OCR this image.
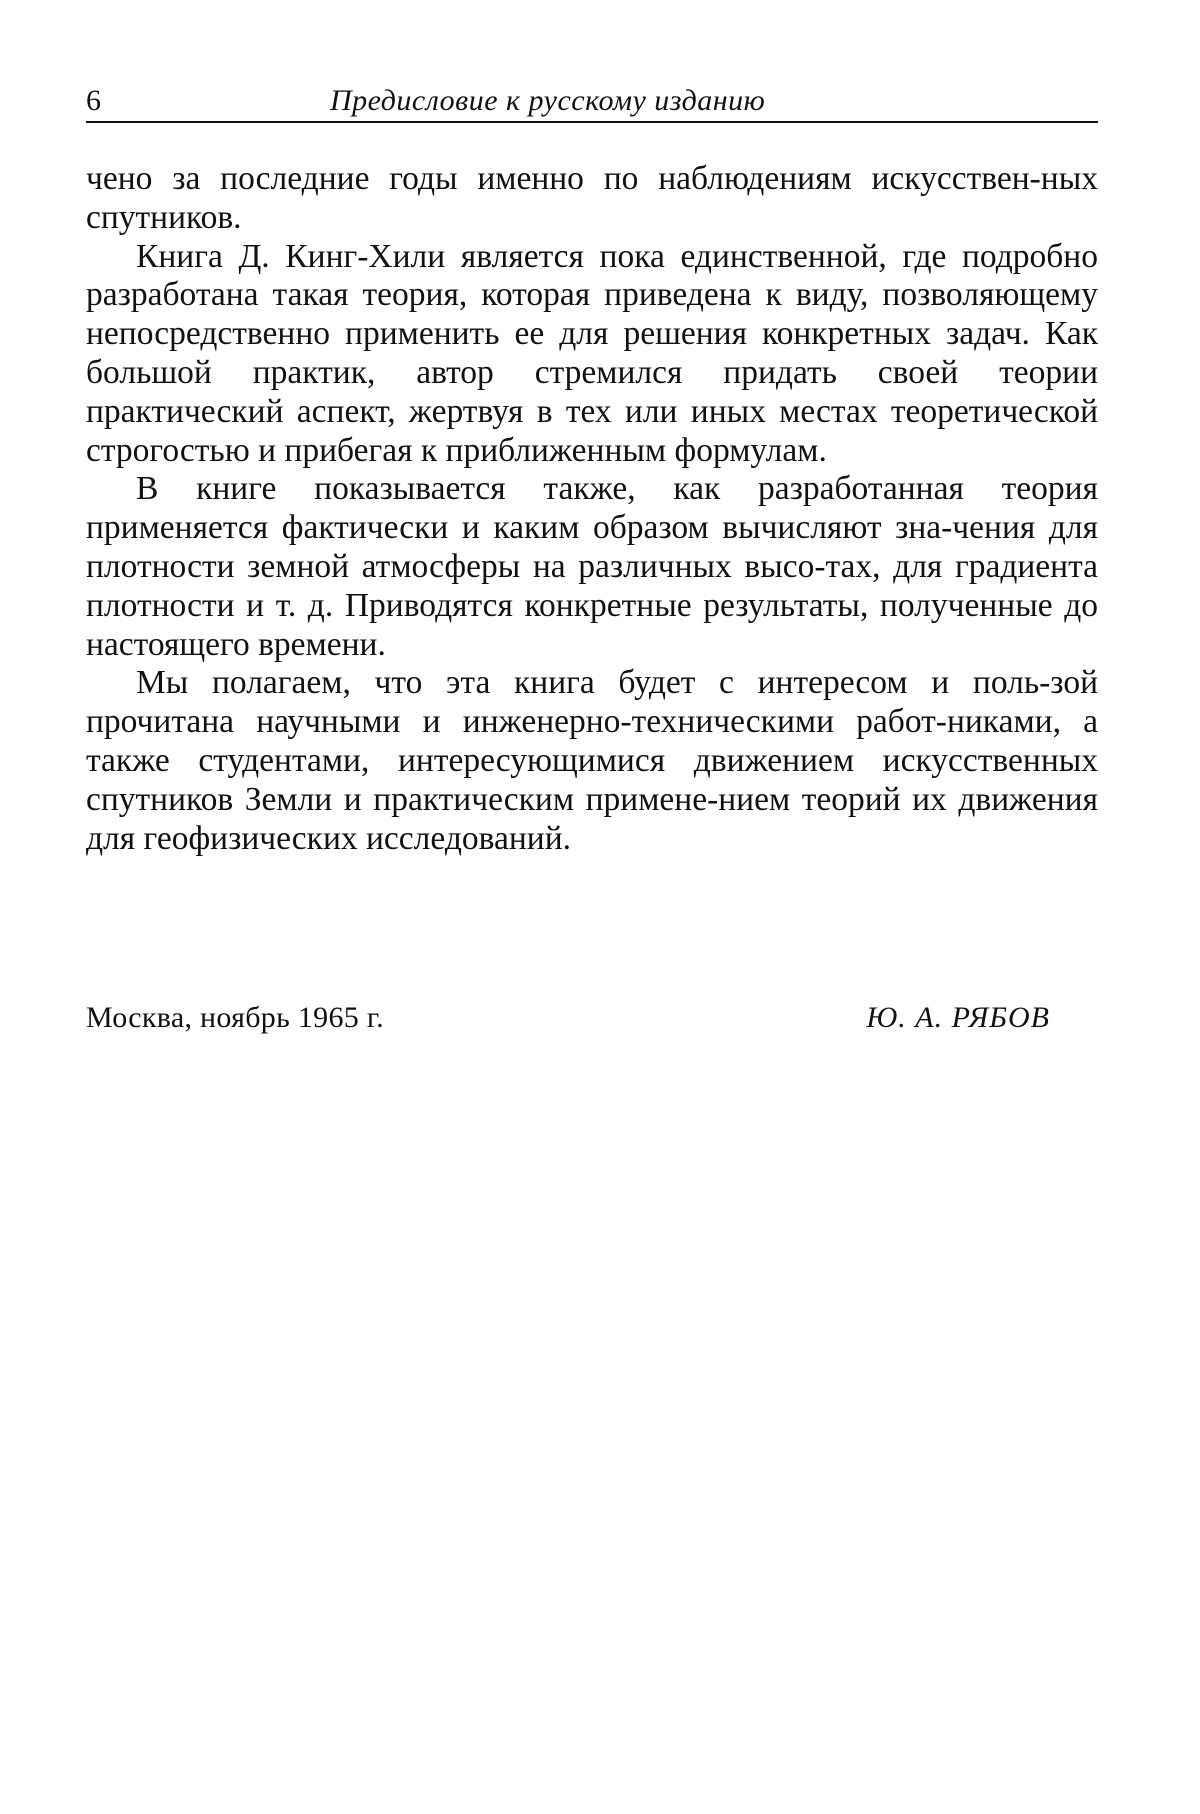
6	Предисловие к русскому изданию

чено за последние годы именно по наблюдениям искусствен-ных спутников.

Книга Д. Кинг-Хили является пока единственной, где подробно разработана такая теория, которая приведена к виду, позволяющему непосредственно применить ее для решения конкретных задач. Как большой практик, автор стремился придать своей теории практический аспект, жертвуя в тех или иных местах теоретической строгостью и прибегая к приближенным формулам.

В книге показывается также, как разработанная теория применяется фактически и каким образом вычисляют зна-чения для плотности земной атмосферы на различных высо-тах, для градиента плотности и т. д. Приводятся конкретные результаты, полученные до настоящего времени.

Мы полагаем, что эта книга будет с интересом и поль-зой прочитана научными и инженерно-техническими работ-никами, а также студентами, интересующимися движением искусственных спутников Земли и практическим примене-нием теорий их движения для геофизических исследований.

Москва, ноябрь 1965 г.	Ю. А. РЯБОВ
